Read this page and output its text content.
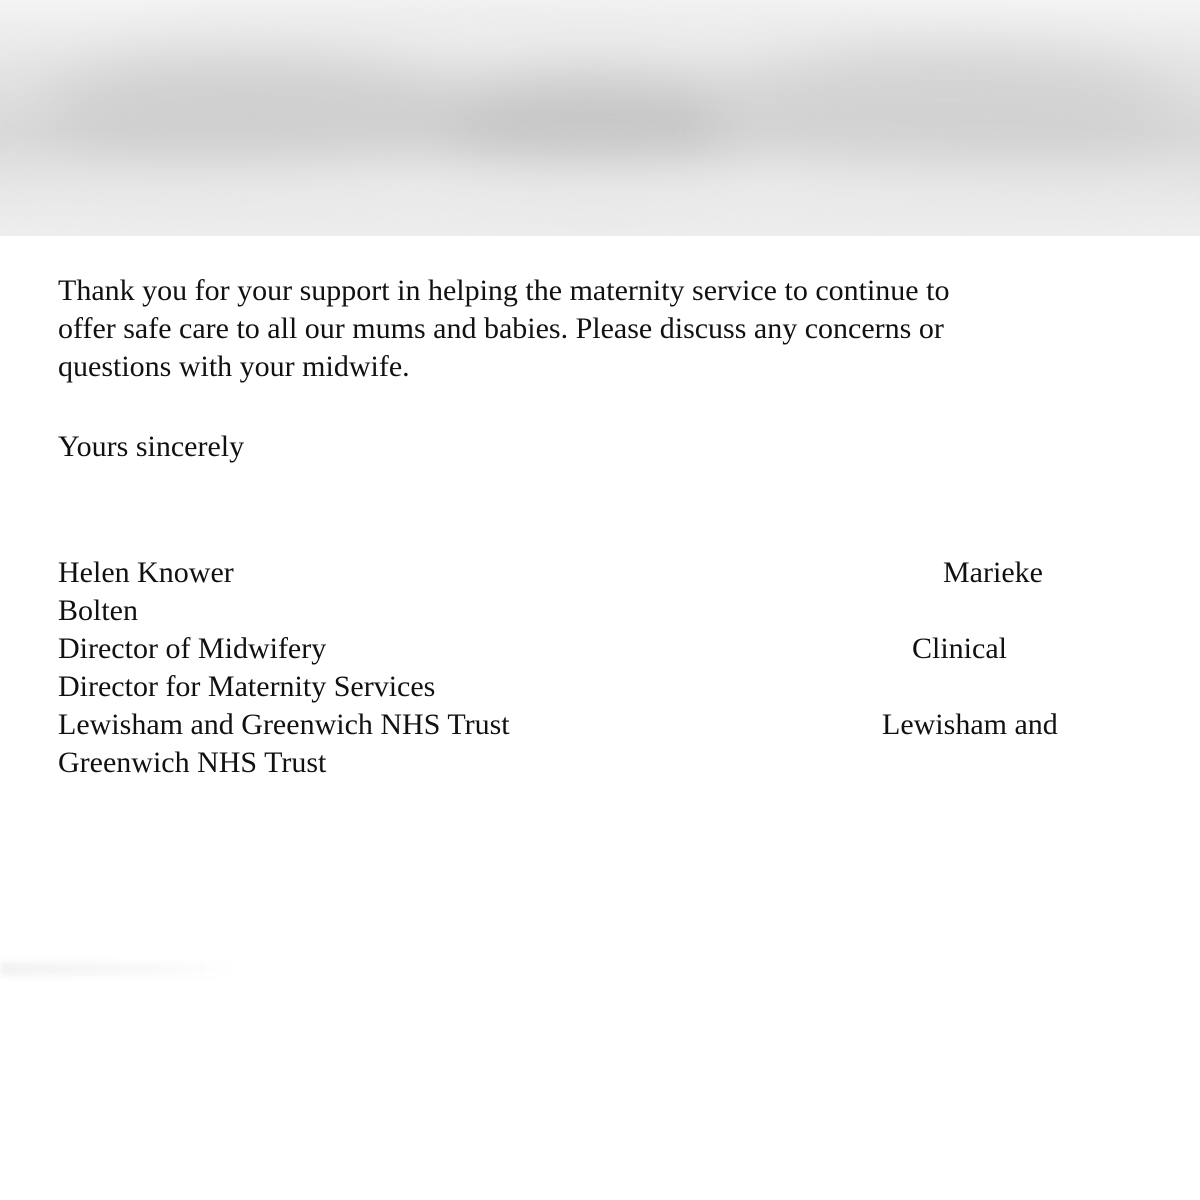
Thank you for your support in helping the maternity service to continue to

offer safe care to all our mums and babies. Please discuss any concerns or

questions with your midwife.

Yours sincerely
Helen Knower	Marieke
Bolten
Director of Midwifery	Clinical
Director for Maternity Services
Lewisham and Greenwich NHS Trust	Lewisham and
Greenwich NHS Trust
